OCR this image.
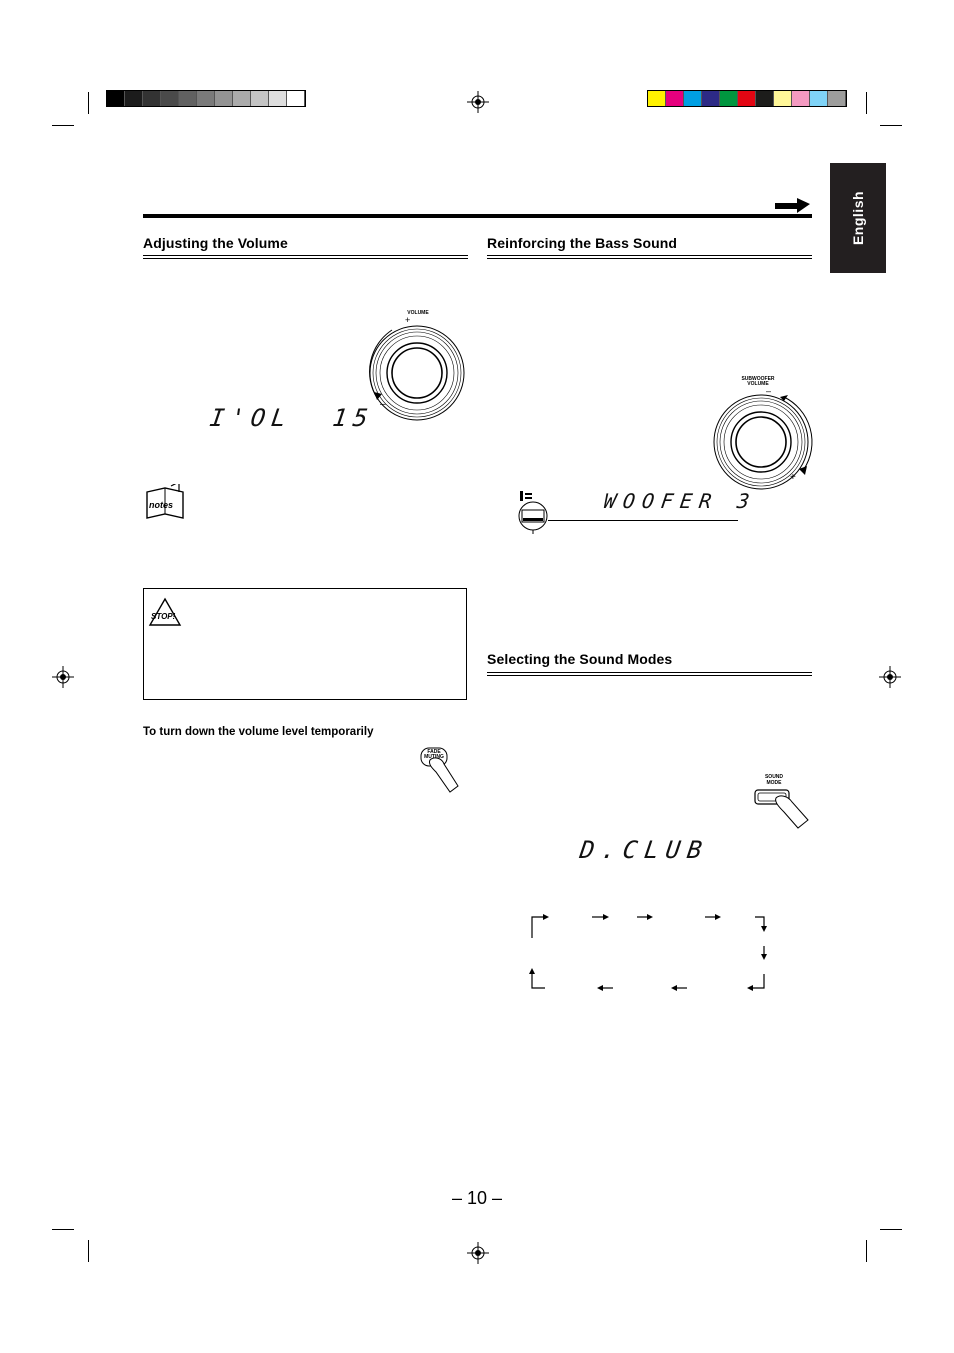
English
Adjusting the Volume
VOLUME
+
–
I'OL  15
notes
STOP!
To turn down the volume level temporarily
FADE
MUTING
Reinforcing the Bass Sound
SUBWOOFER
VOLUME
–
+
WOOFER 3
Selecting the Sound Modes
SOUND
MODE
D.CLUB
– 10 –
